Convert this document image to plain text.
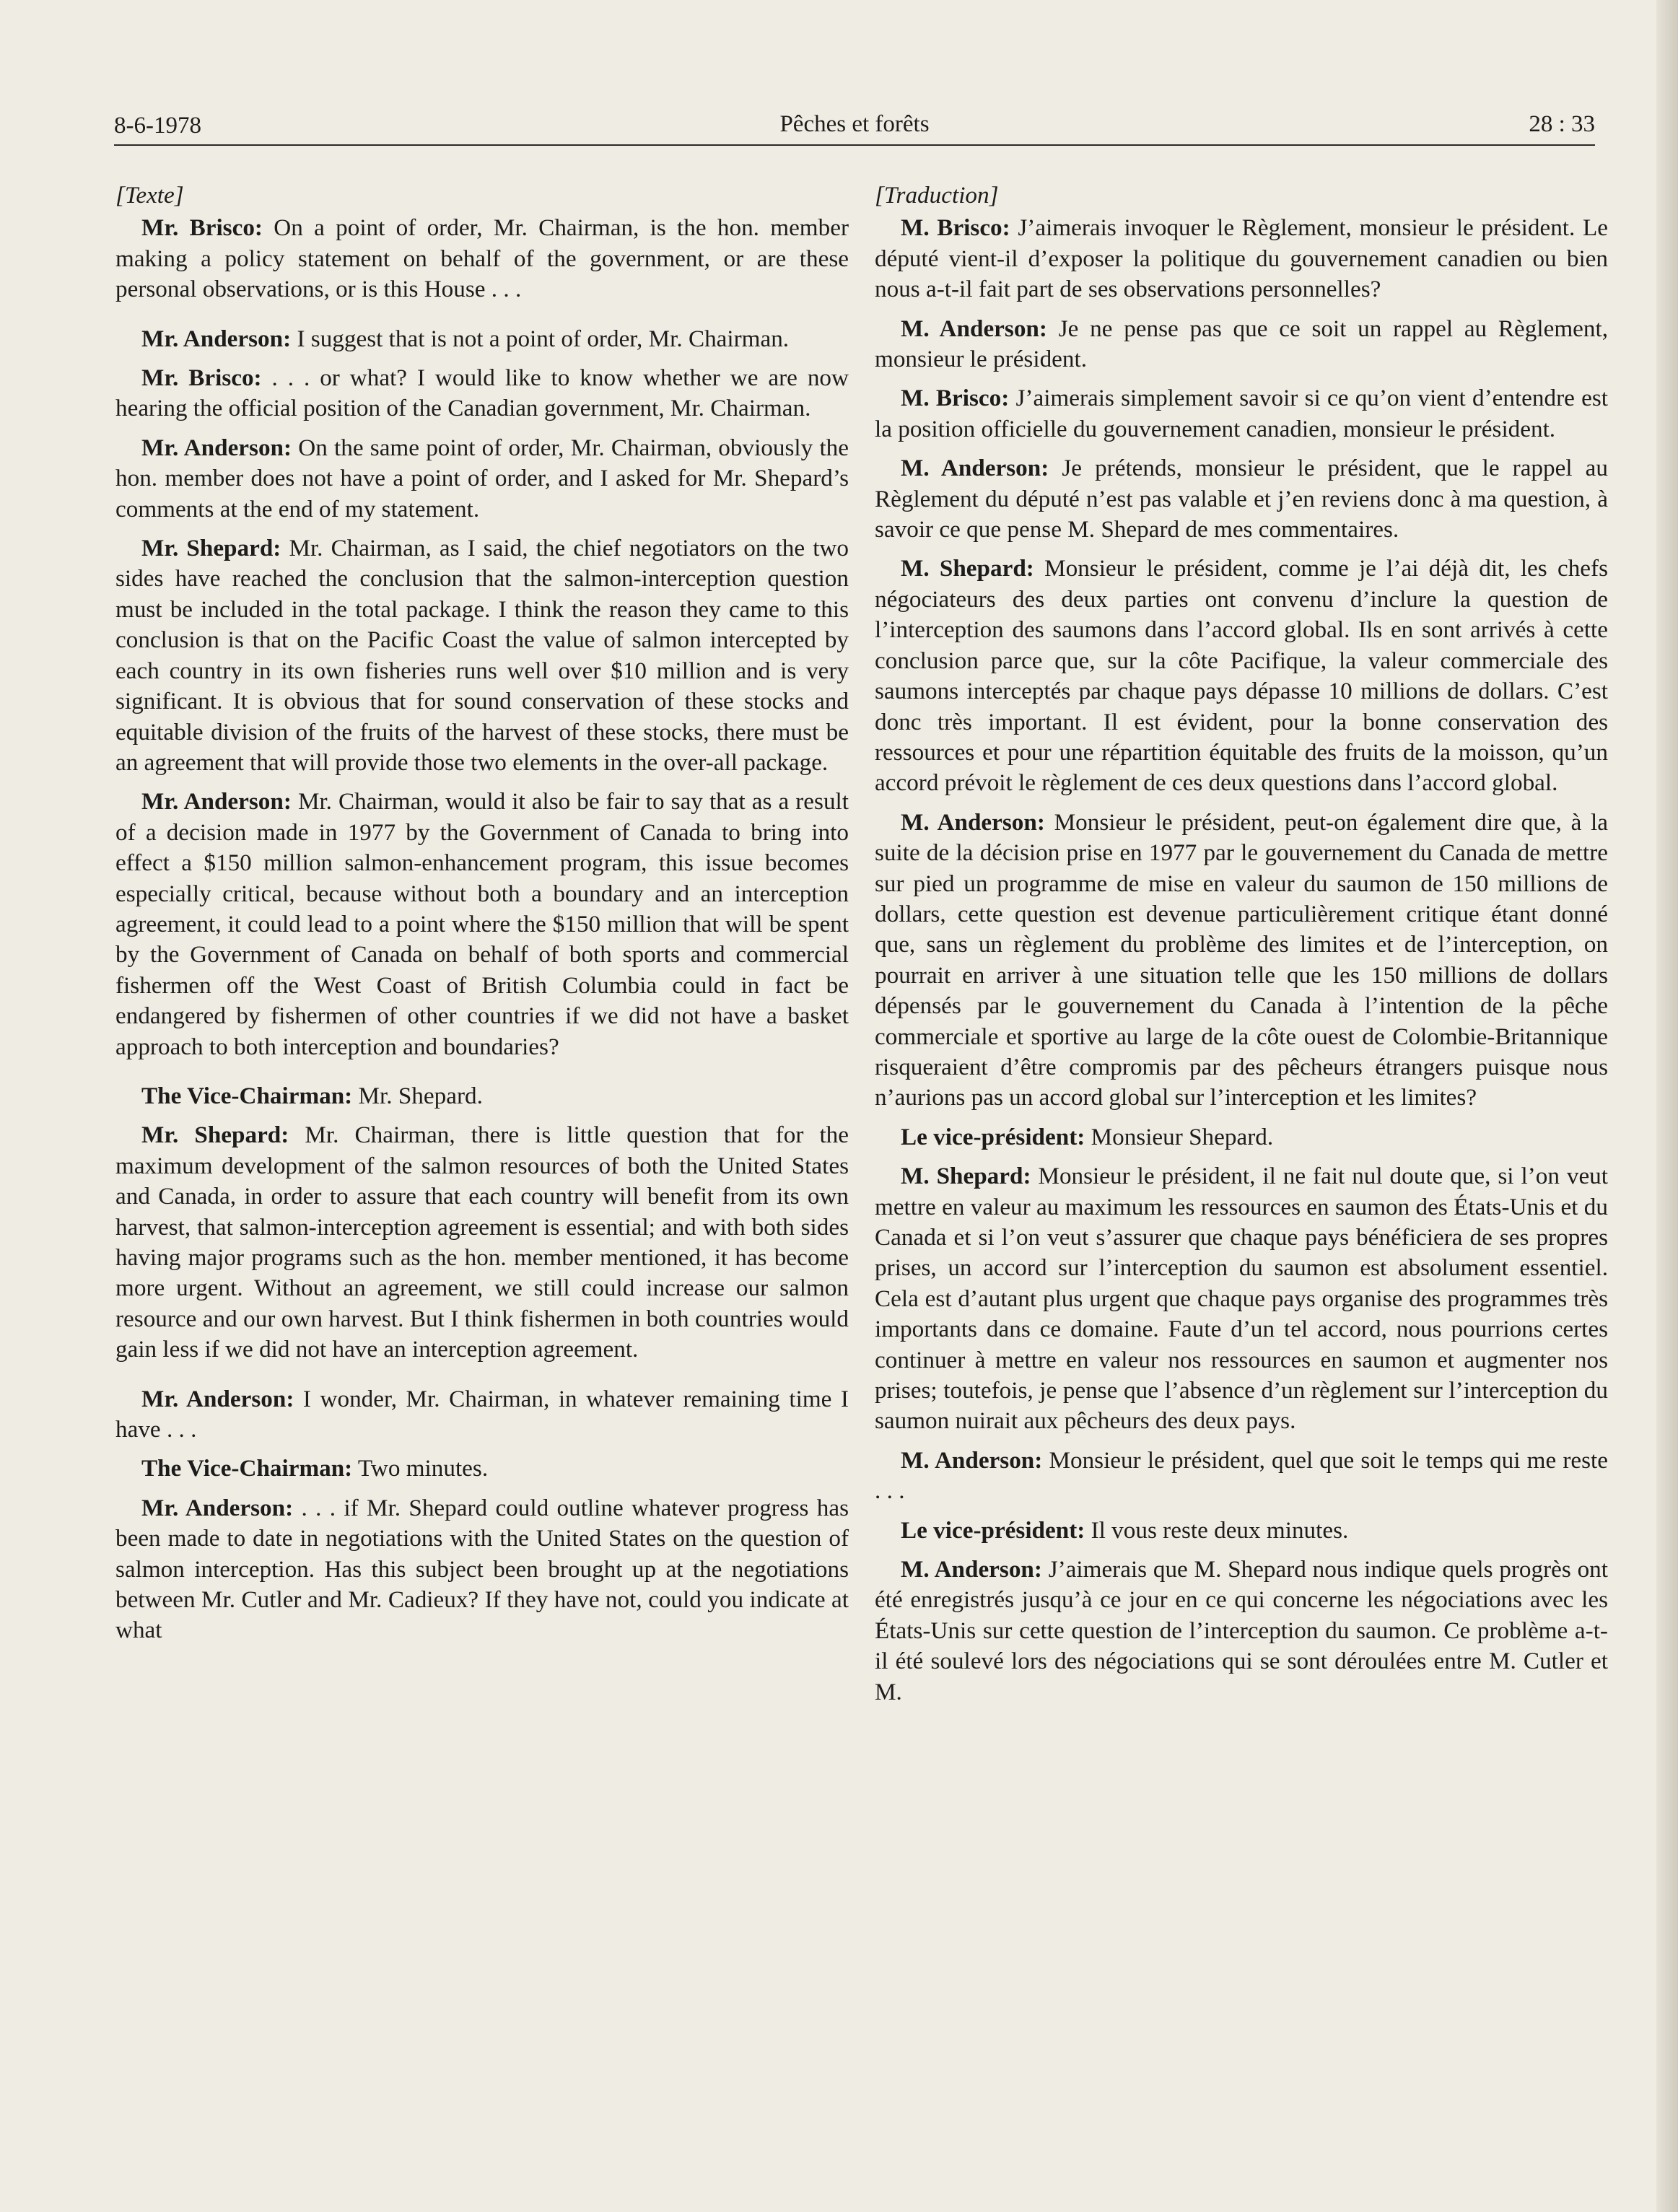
8-6-1978	Pêches et forêts	28 : 33

[Texte]

Mr. Brisco: On a point of order, Mr. Chairman, is the hon. member making a policy statement on behalf of the government, or are these personal observations, or is this House . . .

Mr. Anderson: I suggest that is not a point of order, Mr. Chairman.

Mr. Brisco: . . . or what? I would like to know whether we are now hearing the official position of the Canadian government, Mr. Chairman.

Mr. Anderson: On the same point of order, Mr. Chairman, obviously the hon. member does not have a point of order, and I asked for Mr. Shepard’s comments at the end of my statement.

Mr. Shepard: Mr. Chairman, as I said, the chief negotiators on the two sides have reached the conclusion that the salmon-interception question must be included in the total package. I think the reason they came to this conclusion is that on the Pacific Coast the value of salmon intercepted by each country in its own fisheries runs well over $10 million and is very significant. It is obvious that for sound conservation of these stocks and equitable division of the fruits of the harvest of these stocks, there must be an agreement that will provide those two elements in the over-all package.

Mr. Anderson: Mr. Chairman, would it also be fair to say that as a result of a decision made in 1977 by the Government of Canada to bring into effect a $150 million salmon-enhancement program, this issue becomes especially critical, because without both a boundary and an interception agreement, it could lead to a point where the $150 million that will be spent by the Government of Canada on behalf of both sports and commercial fishermen off the West Coast of British Columbia could in fact be endangered by fishermen of other countries if we did not have a basket approach to both interception and boundaries?

The Vice-Chairman: Mr. Shepard.

Mr. Shepard: Mr. Chairman, there is little question that for the maximum development of the salmon resources of both the United States and Canada, in order to assure that each country will benefit from its own harvest, that salmon-interception agreement is essential; and with both sides having major programs such as the hon. member mentioned, it has become more urgent. Without an agreement, we still could increase our salmon resource and our own harvest. But I think fishermen in both countries would gain less if we did not have an interception agreement.

Mr. Anderson: I wonder, Mr. Chairman, in whatever remaining time I have . . .

The Vice-Chairman: Two minutes.

Mr. Anderson: . . . if Mr. Shepard could outline whatever progress has been made to date in negotiations with the United States on the question of salmon interception. Has this subject been brought up at the negotiations between Mr. Cutler and Mr. Cadieux? If they have not, could you indicate at what

[Traduction]

M. Brisco: J’aimerais invoquer le Règlement, monsieur le président. Le député vient-il d’exposer la politique du gouvernement canadien ou bien nous a-t-il fait part de ses observations personnelles?

M. Anderson: Je ne pense pas que ce soit un rappel au Règlement, monsieur le président.

M. Brisco: J’aimerais simplement savoir si ce qu’on vient d’entendre est la position officielle du gouvernement canadien, monsieur le président.

M. Anderson: Je prétends, monsieur le président, que le rappel au Règlement du député n’est pas valable et j’en reviens donc à ma question, à savoir ce que pense M. Shepard de mes commentaires.

M. Shepard: Monsieur le président, comme je l’ai déjà dit, les chefs négociateurs des deux parties ont convenu d’inclure la question de l’interception des saumons dans l’accord global. Ils en sont arrivés à cette conclusion parce que, sur la côte Pacifique, la valeur commerciale des saumons interceptés par chaque pays dépasse 10 millions de dollars. C’est donc très important. Il est évident, pour la bonne conservation des ressources et pour une répartition équitable des fruits de la moisson, qu’un accord prévoit le règlement de ces deux questions dans l’accord global.

M. Anderson: Monsieur le président, peut-on également dire que, à la suite de la décision prise en 1977 par le gouvernement du Canada de mettre sur pied un programme de mise en valeur du saumon de 150 millions de dollars, cette question est devenue particulièrement critique étant donné que, sans un règlement du problème des limites et de l’interception, on pourrait en arriver à une situation telle que les 150 millions de dollars dépensés par le gouvernement du Canada à l’intention de la pêche commerciale et sportive au large de la côte ouest de Colombie-Britannique risqueraient d’être compromis par des pêcheurs étrangers puisque nous n’aurions pas un accord global sur l’interception et les limites?

Le vice-président: Monsieur Shepard.

M. Shepard: Monsieur le président, il ne fait nul doute que, si l’on veut mettre en valeur au maximum les ressources en saumon des États-Unis et du Canada et si l’on veut s’assurer que chaque pays bénéficiera de ses propres prises, un accord sur l’interception du saumon est absolument essentiel. Cela est d’autant plus urgent que chaque pays organise des programmes très importants dans ce domaine. Faute d’un tel accord, nous pourrions certes continuer à mettre en valeur nos ressources en saumon et augmenter nos prises; toutefois, je pense que l’absence d’un règlement sur l’interception du saumon nuirait aux pêcheurs des deux pays.

M. Anderson: Monsieur le président, quel que soit le temps qui me reste . . .

Le vice-président: Il vous reste deux minutes.

M. Anderson: J’aimerais que M. Shepard nous indique quels progrès ont été enregistrés jusqu’à ce jour en ce qui concerne les négociations avec les États-Unis sur cette question de l’interception du saumon. Ce problème a-t-il été soulevé lors des négociations qui se sont déroulées entre M. Cutler et M.
